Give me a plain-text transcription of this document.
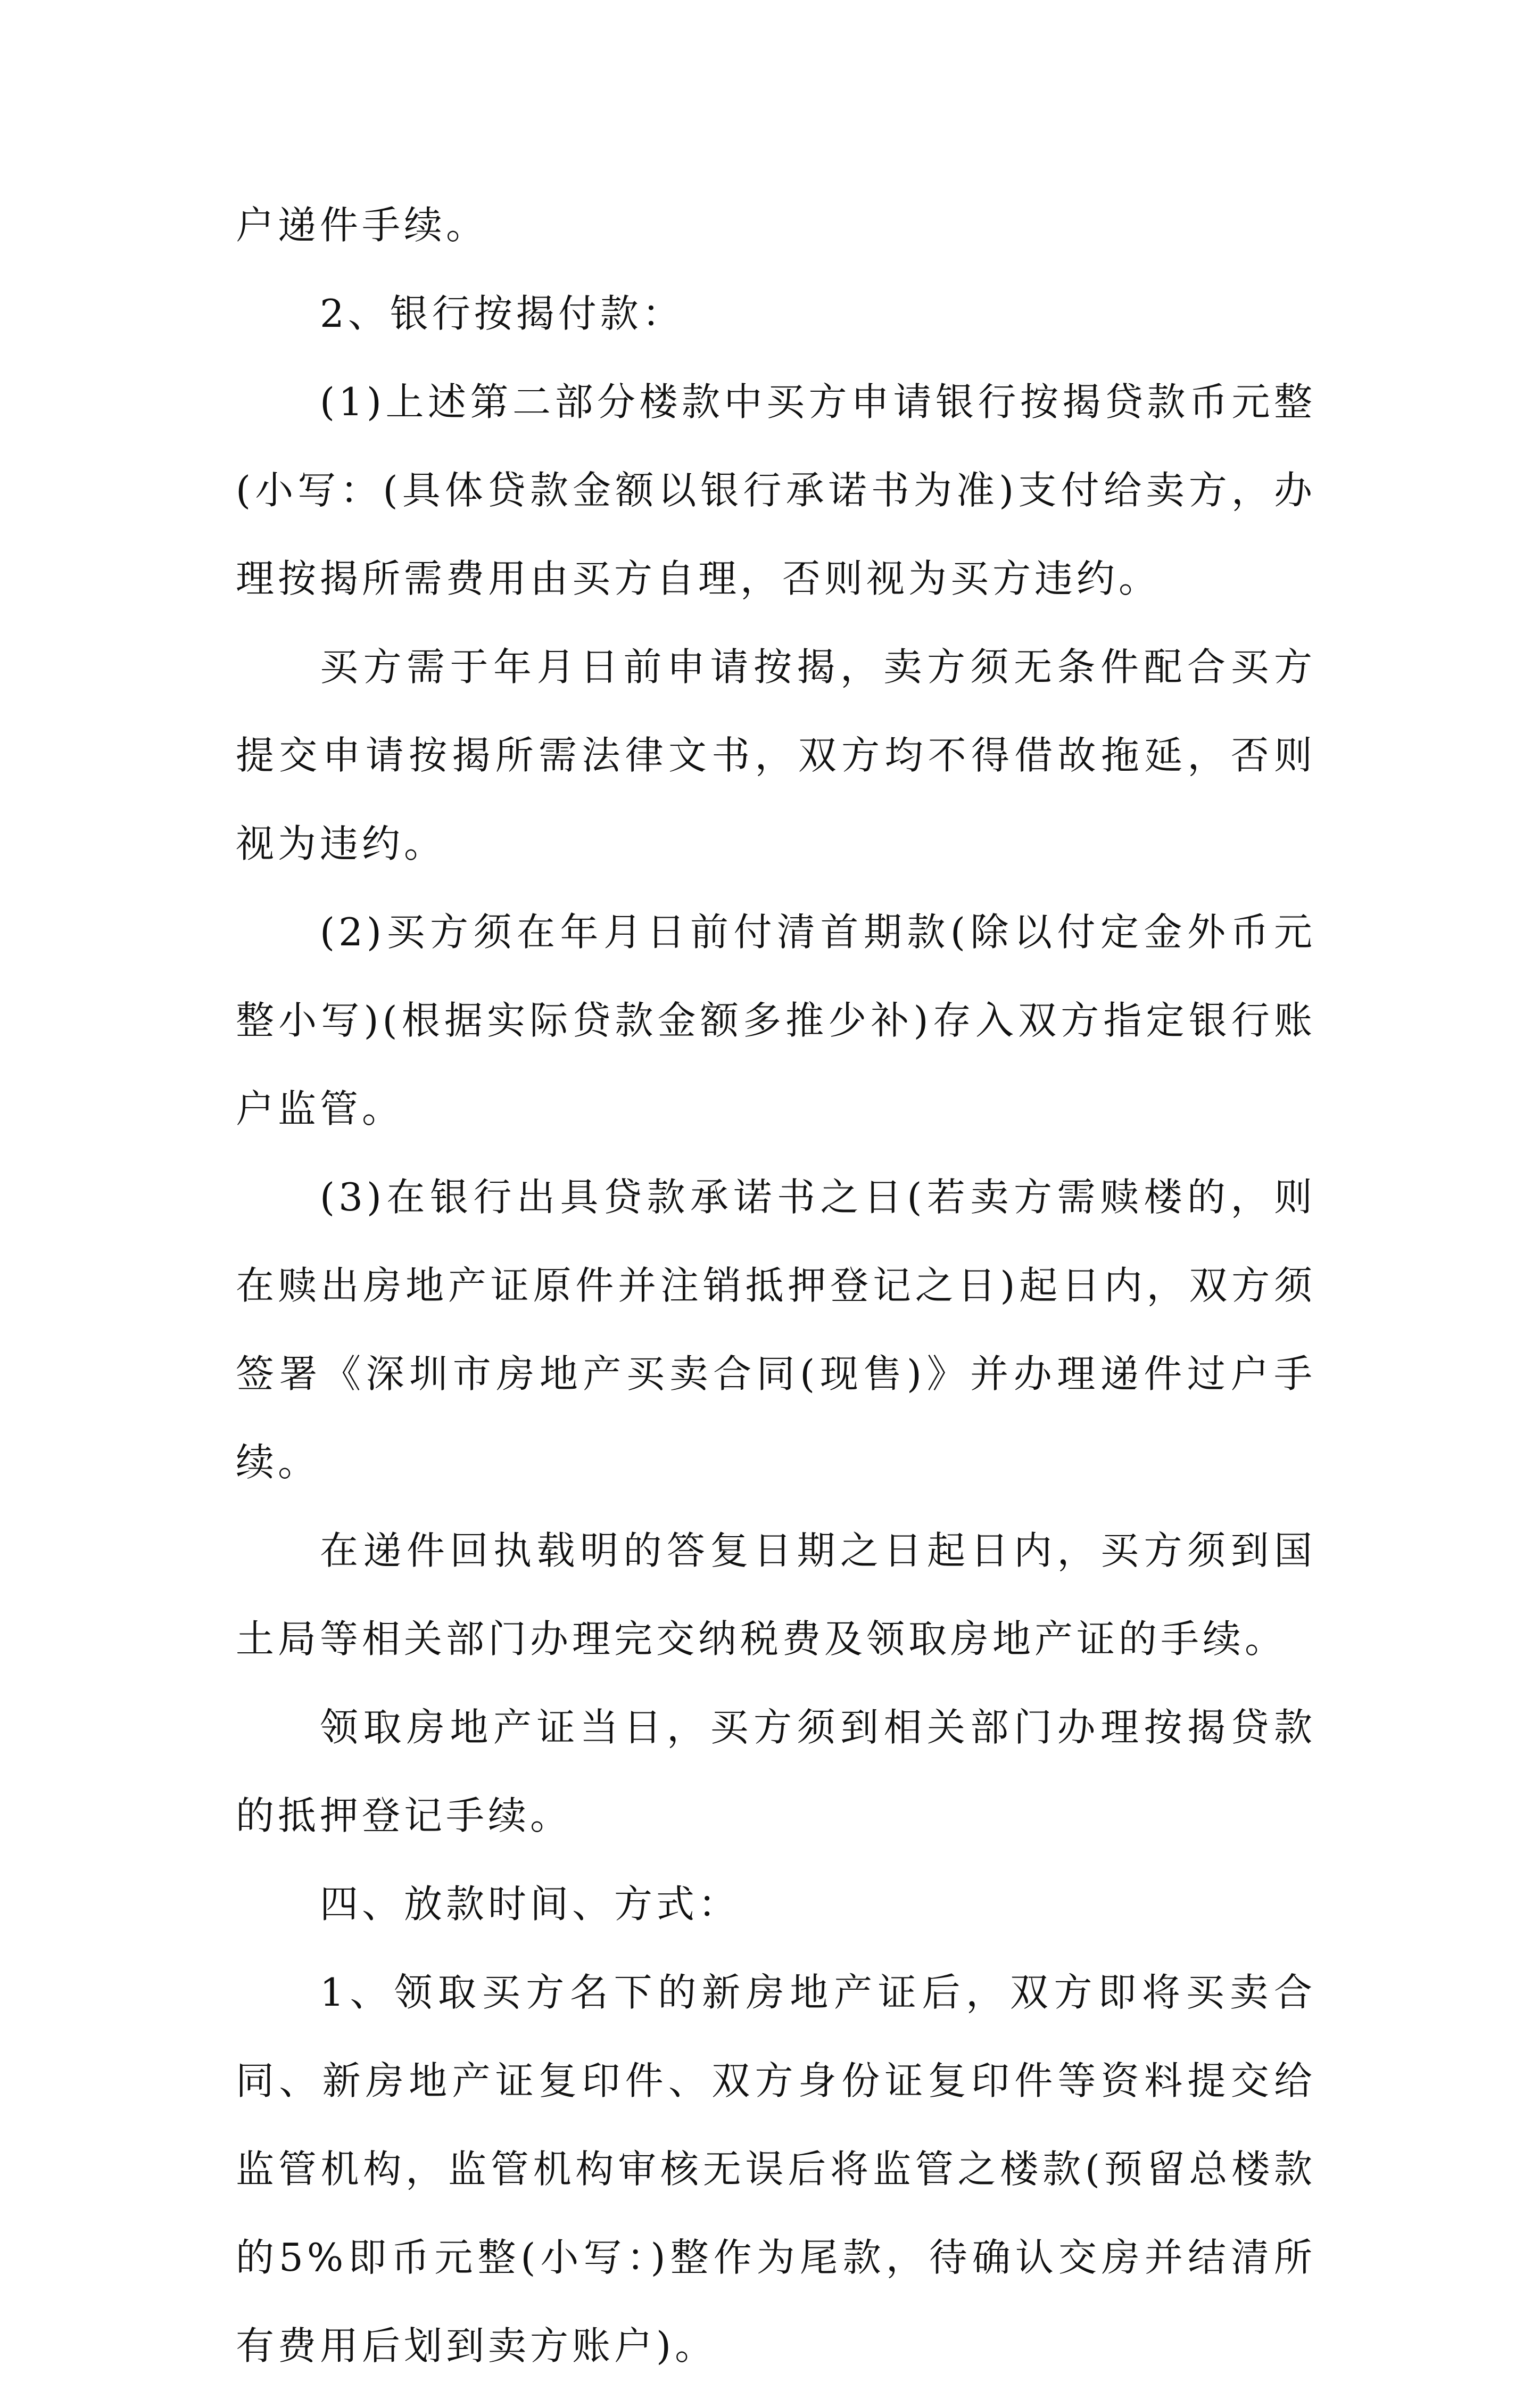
户递件手续。

2、银行按揭付款：

(1)上述第二部分楼款中买方申请银行按揭贷款币元整(小写：(具体贷款金额以银行承诺书为准)支付给卖方，办理按揭所需费用由买方自理，否则视为买方违约。

买方需于年月日前申请按揭，卖方须无条件配合买方提交申请按揭所需法律文书，双方均不得借故拖延，否则视为违约。

(2)买方须在年月日前付清首期款(除以付定金外币元整小写)(根据实际贷款金额多推少补)存入双方指定银行账户监管。

(3)在银行出具贷款承诺书之日(若卖方需赎楼的，则在赎出房地产证原件并注销抵押登记之日)起日内，双方须签署《深圳市房地产买卖合同(现售)》并办理递件过户手续。

在递件回执载明的答复日期之日起日内，买方须到国土局等相关部门办理完交纳税费及领取房地产证的手续。

领取房地产证当日，买方须到相关部门办理按揭贷款的抵押登记手续。

四、放款时间、方式：

1、领取买方名下的新房地产证后，双方即将买卖合同、新房地产证复印件、双方身份证复印件等资料提交给监管机构，监管机构审核无误后将监管之楼款(预留总楼款的5%即币元整(小写：)整作为尾款，待确认交房并结清所有费用后划到卖方账户)。
